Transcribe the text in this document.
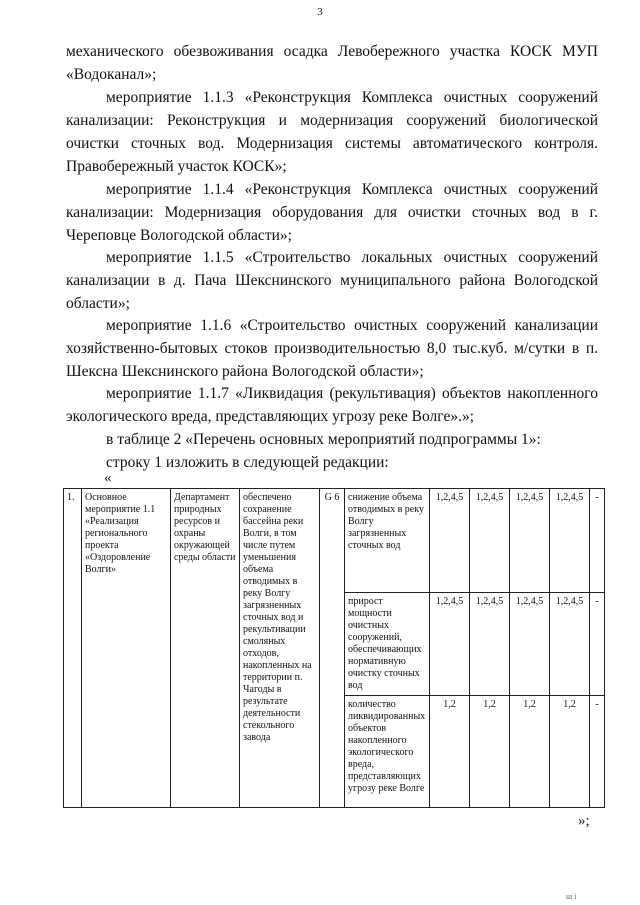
3

механического обезвоживания осадка Левобережного участка КОСК МУП «Водоканал»;

мероприятие 1.1.3 «Реконструкция Комплекса очистных сооружений канализации: Реконструкция и модернизация сооружений биологической очистки сточных вод. Модернизация системы автоматического контроля. Правобережный участок КОСК»;

мероприятие 1.1.4 «Реконструкция Комплекса очистных сооружений канализации: Модернизация оборудования для очистки сточных вод в г. Череповце Вологодской области»;

мероприятие 1.1.5 «Строительство локальных очистных сооружений канализации в д. Пача Шекснинского муниципального района Вологодской области»;

мероприятие 1.1.6 «Строительство очистных сооружений канализации хозяйственно-бытовых стоков производительностью 8,0 тыс.куб. м/сутки в п. Шексна Шекснинского района Вологодской области»;

мероприятие 1.1.7 «Ликвидация (рекультивация) объектов накопленного экологического вреда, представляющих угрозу реке Волге».»;

в таблице 2 «Перечень основных мероприятий подпрограммы 1»:

строку 1 изложить в следующей редакции:

«
1.	Основное мероприятие 1.1 «Реализация регионального проекта «Оздоровление Волги»	Департамент природных ресурсов и охраны окружающей среды области	обеспечено сохранение бассейна реки Волги, в том числе путем уменьшения объема отводимых в реку Волгу загрязненных сточных вод и рекультивации смоляных отходов, накопленных на территории п. Чагоды в результате деятельности стекольного завода	G 6	снижение объема отводимых в реку Волгу загрязненных сточных вод	1,2,4,5	1,2,4,5	1,2,4,5	1,2,4,5	-
					прирост мощности очистных сооружений, обеспечивающих нормативную очистку сточных вод	1,2,4,5	1,2,4,5	1,2,4,5	1,2,4,5	-
					количество ликвидированных объектов накопленного экологического вреда, представляющих угрозу реке Волге	1,2	1,2	1,2	1,2	-
»;
ш і
